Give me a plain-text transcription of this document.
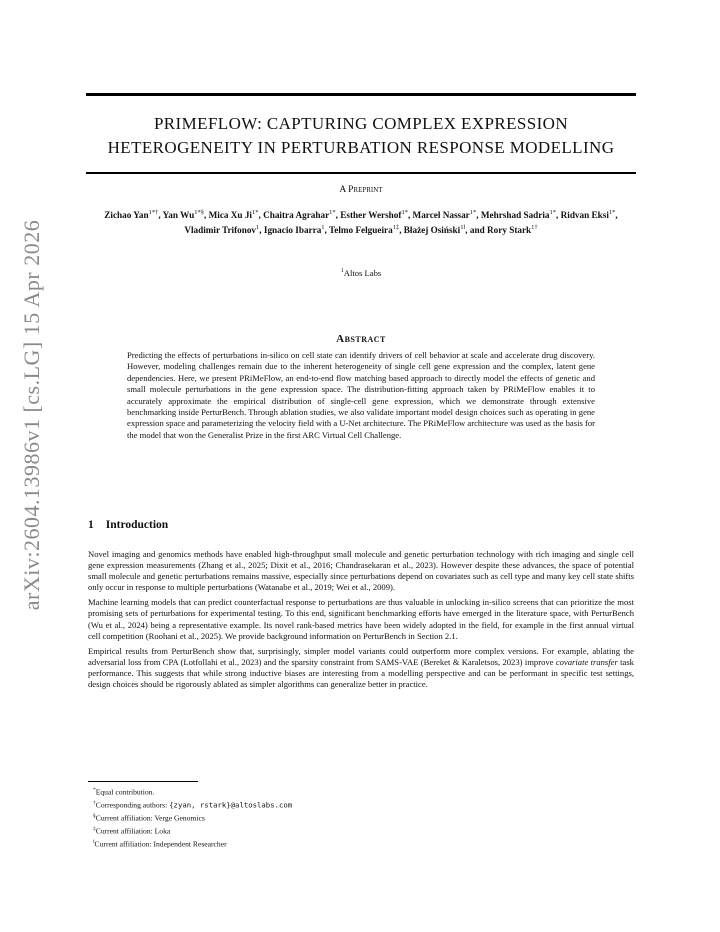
arXiv:2604.13986v1 [cs.LG] 15 Apr 2026
PRIMEFLOW: CAPTURING COMPLEX EXPRESSION
HETEROGENEITY IN PERTURBATION RESPONSE MODELLING
A Preprint
Zichao Yan$^{1*\dagger}$, Yan $Wu^{1*\S}$, Mica Xu $Ji^{1*}$, Chaitra Agrahar$^{1*}$, Esther Wershof$^{1*}$, Marcel Nassar$^{1*}$, Mehrshad Sadria$^{1*}$, Ridvan Eksi$^{1*}$, Vladimir Trifonov$^1$, Ignacio Ibarra$^1$, Telmo Felgueira$^{1\ddagger}$, Błażej Osiński$^{1‖}$, and Rory Stark$^{1\dagger}$
$^1$Altos Labs
Abstract
Predicting the effects of perturbations in-silico on cell state can identify drivers of cell behavior at scale and accelerate drug discovery. However, modeling challenges remain due to the inherent heterogeneity of single cell gene expression and the complex, latent gene dependencies. Here, we present PRiMeFlow, an end-to-end flow matching based approach to directly model the effects of genetic and small molecule perturbations in the gene expression space. The distribution-fitting approach taken by PRiMeFlow enables it to accurately approximate the empirical distribution of single-cell gene expression, which we demonstrate through extensive benchmarking inside PerturBench. Through ablation studies, we also validate important model design choices such as operating in gene expression space and parameterizing the velocity field with a U-Net architecture. The PRiMeFlow architecture was used as the basis for the model that won the Generalist Prize in the first ARC Virtual Cell Challenge.
1 Introduction

Novel imaging and genomics methods have enabled high-throughput small molecule and genetic perturbation technology with rich imaging and single cell gene expression measurements (Zhang et al., 2025; Dixit et al., 2016; Chandrasekaran et al., 2023). However despite these advances, the space of potential small molecule and genetic perturbations remains massive, especially since perturbations depend on covariates such as cell type and many key cell state shifts only occur in response to multiple perturbations (Watanabe et al., 2019; Wei et al., 2009).

Machine learning models that can predict counterfactual response to perturbations are thus valuable in unlocking in-silico screens that can prioritize the most promising sets of perturbations for experimental testing. To this end, significant benchmarking efforts have emerged in the literature space, with PerturBench (Wu et al., 2024) being a representative example. Its novel rank-based metrics have been widely adopted in the field, for example in the first annual virtual cell competition (Roohani et al., 2025). We provide background information on PerturBench in Section 2.1.

Empirical results from PerturBench show that, surprisingly, simpler model variants could outperform more complex versions. For example, ablating the adversarial loss from CPA (Lotfollahi et al., 2023) and the sparsity constraint from SAMS-VAE (Bereket & Karaletsos, 2023) improve covariate transfer task performance. This suggests that while strong inductive biases are interesting from a modelling perspective and can be performant in specific test settings, design choices should be rigorously ablated as simpler algorithms can generalize better in practice.

*Equal contribution.
†Corresponding authors: {zyan, rstark}@altoslabs.com
§Current affiliation: Verge Genomics
‡Current affiliation: Loka
‖Current affiliation: Independent Researcher
